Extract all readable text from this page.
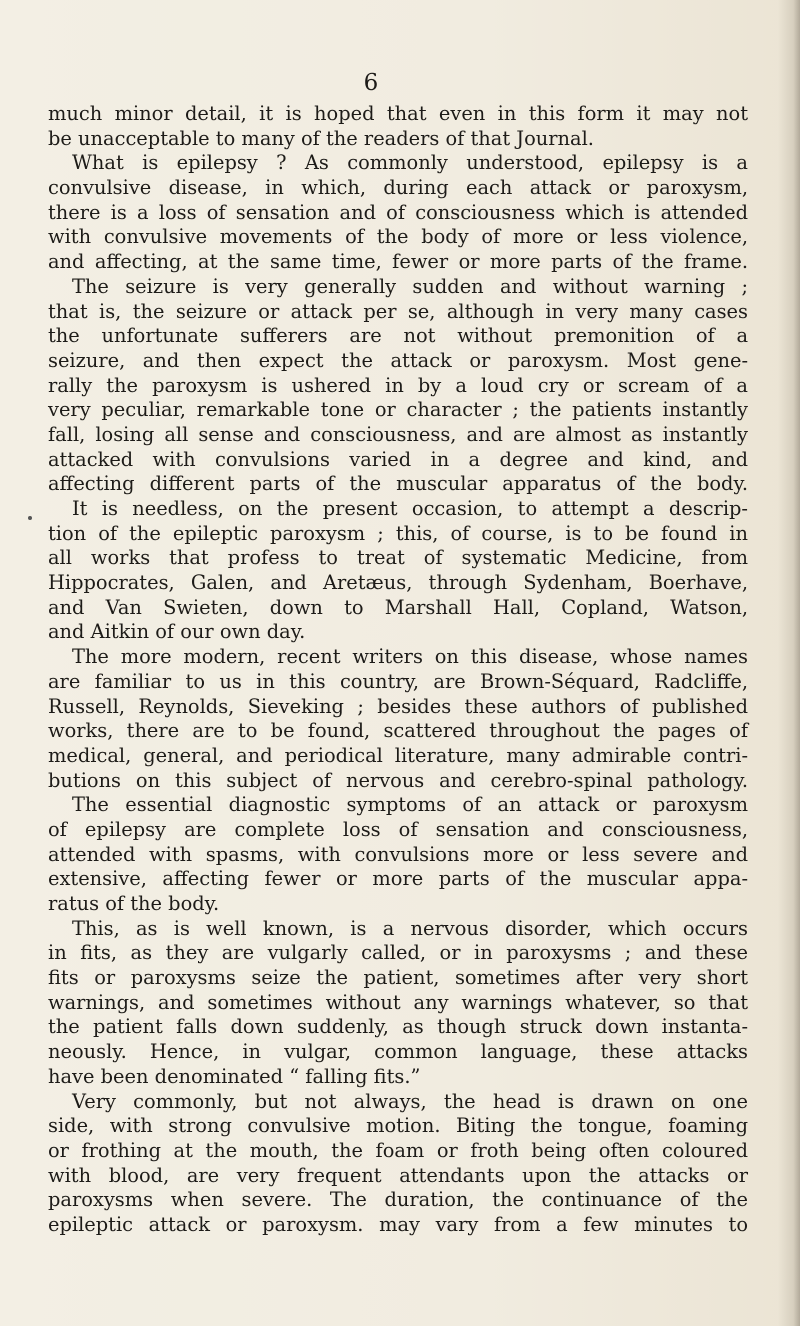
6
much minor detail, it is hoped that even in this form it may not
be unacceptable to many of the readers of that Journal.
What is epilepsy ? As commonly understood, epilepsy is a
convulsive disease, in which, during each attack or paroxysm,
there is a loss of sensation and of consciousness which is attended
with convulsive movements of the body of more or less violence,
and affecting, at the same time, fewer or more parts of the frame.
The seizure is very generally sudden and without warning ;
that is, the seizure or attack per se, although in very many cases
the unfortunate sufferers are not without premonition of a
seizure, and then expect the attack or paroxysm. Most gene-
rally the paroxysm is ushered in by a loud cry or scream of a
very peculiar, remarkable tone or character ; the patients instantly
fall, losing all sense and consciousness, and are almost as instantly
attacked with convulsions varied in a degree and kind, and
affecting different parts of the muscular apparatus of the body.
It is needless, on the present occasion, to attempt a descrip-
tion of the epileptic paroxysm ; this, of course, is to be found in
all works that profess to treat of systematic Medicine, from
Hippocrates, Galen, and Aretæus, through Sydenham, Boerhave,
and Van Swieten, down to Marshall Hall, Copland, Watson,
and Aitkin of our own day.
The more modern, recent writers on this disease, whose names
are familiar to us in this country, are Brown-Séquard, Radcliffe,
Russell, Reynolds, Sieveking ; besides these authors of published
works, there are to be found, scattered throughout the pages of
medical, general, and periodical literature, many admirable contri-
butions on this subject of nervous and cerebro-spinal pathology.
The essential diagnostic symptoms of an attack or paroxysm
of epilepsy are complete loss of sensation and consciousness,
attended with spasms, with convulsions more or less severe and
extensive, affecting fewer or more parts of the muscular appa-
ratus of the body.
This, as is well known, is a nervous disorder, which occurs
in fits, as they are vulgarly called, or in paroxysms ; and these
fits or paroxysms seize the patient, sometimes after very short
warnings, and sometimes without any warnings whatever, so that
the patient falls down suddenly, as though struck down instanta-
neously. Hence, in vulgar, common language, these attacks
have been denominated “ falling fits.”
Very commonly, but not always, the head is drawn on one
side, with strong convulsive motion. Biting the tongue, foaming
or frothing at the mouth, the foam or froth being often coloured
with blood, are very frequent attendants upon the attacks or
paroxysms when severe. The duration, the continuance of the
epileptic attack or paroxysm. may vary from a few minutes to
